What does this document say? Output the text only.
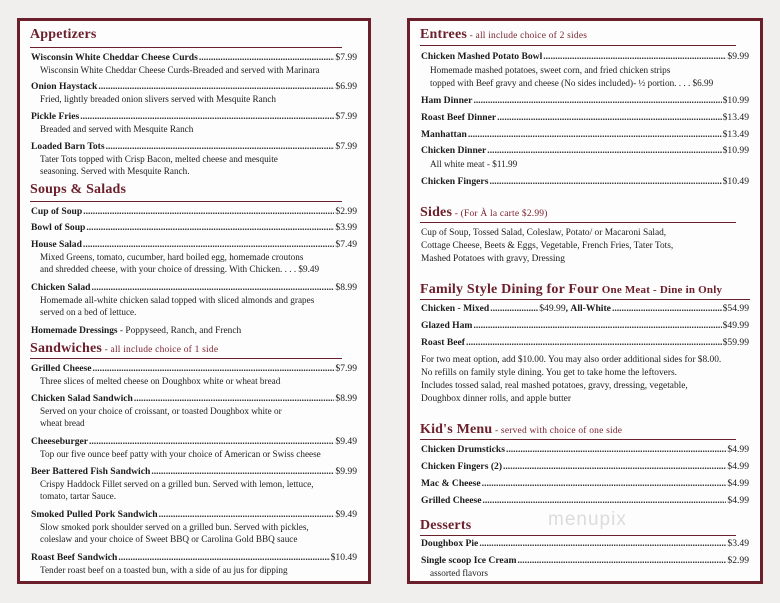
Appetizers
Wisconsin White Cheddar Cheese Curds . . .	$7.99
Wisconsin White Cheddar Cheese Curds-Breaded and served with Marinara
Onion Haystack . . .	$6.99
Fried, lightly breaded onion slivers served with Mesquite Ranch
Pickle Fries . . .	$7.99
Breaded and served with Mesquite Ranch
Loaded Barn Tots . . .	$7.99
Tater Tots topped with Crisp Bacon, melted cheese and mesquite
seasoning. Served with Mesquite Ranch.
Soups & Salads
Cup of Soup . . .	$2.99
Bowl of Soup . . .	$3.99
House Salad . . .	$7.49
Mixed Greens, tomato, cucumber, hard boiled egg, homemade croutons
and shredded cheese, with your choice of dressing. With Chicken. . . . $9.49
Chicken Salad . . .	$8.99
Homemade all-white chicken salad topped with sliced almonds and grapes
served on a bed of lettuce.
Homemade Dressings - Poppyseed, Ranch, and French
Sandwiches - all include choice of 1 side
Grilled Cheese . . .	$7.99
Three slices of melted cheese on Doughbox white or wheat bread
Chicken Salad Sandwich . . .	$8.99
Served on your choice of croissant, or toasted Doughbox white or
wheat bread
Cheeseburger . . .	$9.49
Top our five ounce beef patty with your choice of American or Swiss cheese
Beer Battered Fish Sandwich . . .	$9.99
Crispy Haddock Fillet served on a grilled bun. Served with lemon, lettuce,
tomato, tartar Sauce.
Smoked Pulled Pork Sandwich . . .	$9.49
Slow smoked pork shoulder served on a grilled bun. Served with pickles,
coleslaw and your choice of Sweet BBQ or Carolina Gold BBQ sauce
Roast Beef Sandwich . . .	$10.49
Tender roast beef on a toasted bun, with a side of au jus for dipping
Entrees - all include choice of 2 sides
Chicken Mashed Potato Bowl . . .	$9.99
Homemade mashed potatoes, sweet corn, and fried chicken strips
topped with Beef gravy and cheese (No sides included)- ½ portion. . . . $6.99
Ham Dinner . . .	$10.99
Roast Beef Dinner . . .	$13.49
Manhattan . . .	$13.49
Chicken Dinner . . .	$10.99
All white meat - $11.99
Chicken Fingers . . .	$10.49
Sides - (For À la carte $2.99)
Cup of Soup, Tossed Salad, Coleslaw, Potato/ or Macaroni Salad,
Cottage Cheese, Beets & Eggs, Vegetable, French Fries, Tater Tots,
Mashed Potatoes with gravy, Dressing
Family Style Dining for Four One Meat - Dine in Only
Chicken - Mixed . . .	$49.99 , All-White . . .	$54.99
Glazed Ham . . .	$49.99
Roast Beef . . .	$59.99
For two meat option, add $10.00. You may also order additional sides for $8.00.
No refills on family style dining. You get to take home the leftovers.
Includes tossed salad, real mashed potatoes, gravy, dressing, vegetable,
Doughbox dinner rolls, and apple butter
Kid's Menu - served with choice of one side
Chicken Drumsticks . . .	$4.99
Chicken Fingers (2) . . .	$4.99
Mac & Cheese . . .	$4.99
Grilled Cheese . . .	$4.99
Desserts
Doughbox Pie . . .	$3.49
Single scoop Ice Cream . . .	$2.99
assorted flavors
menupix
